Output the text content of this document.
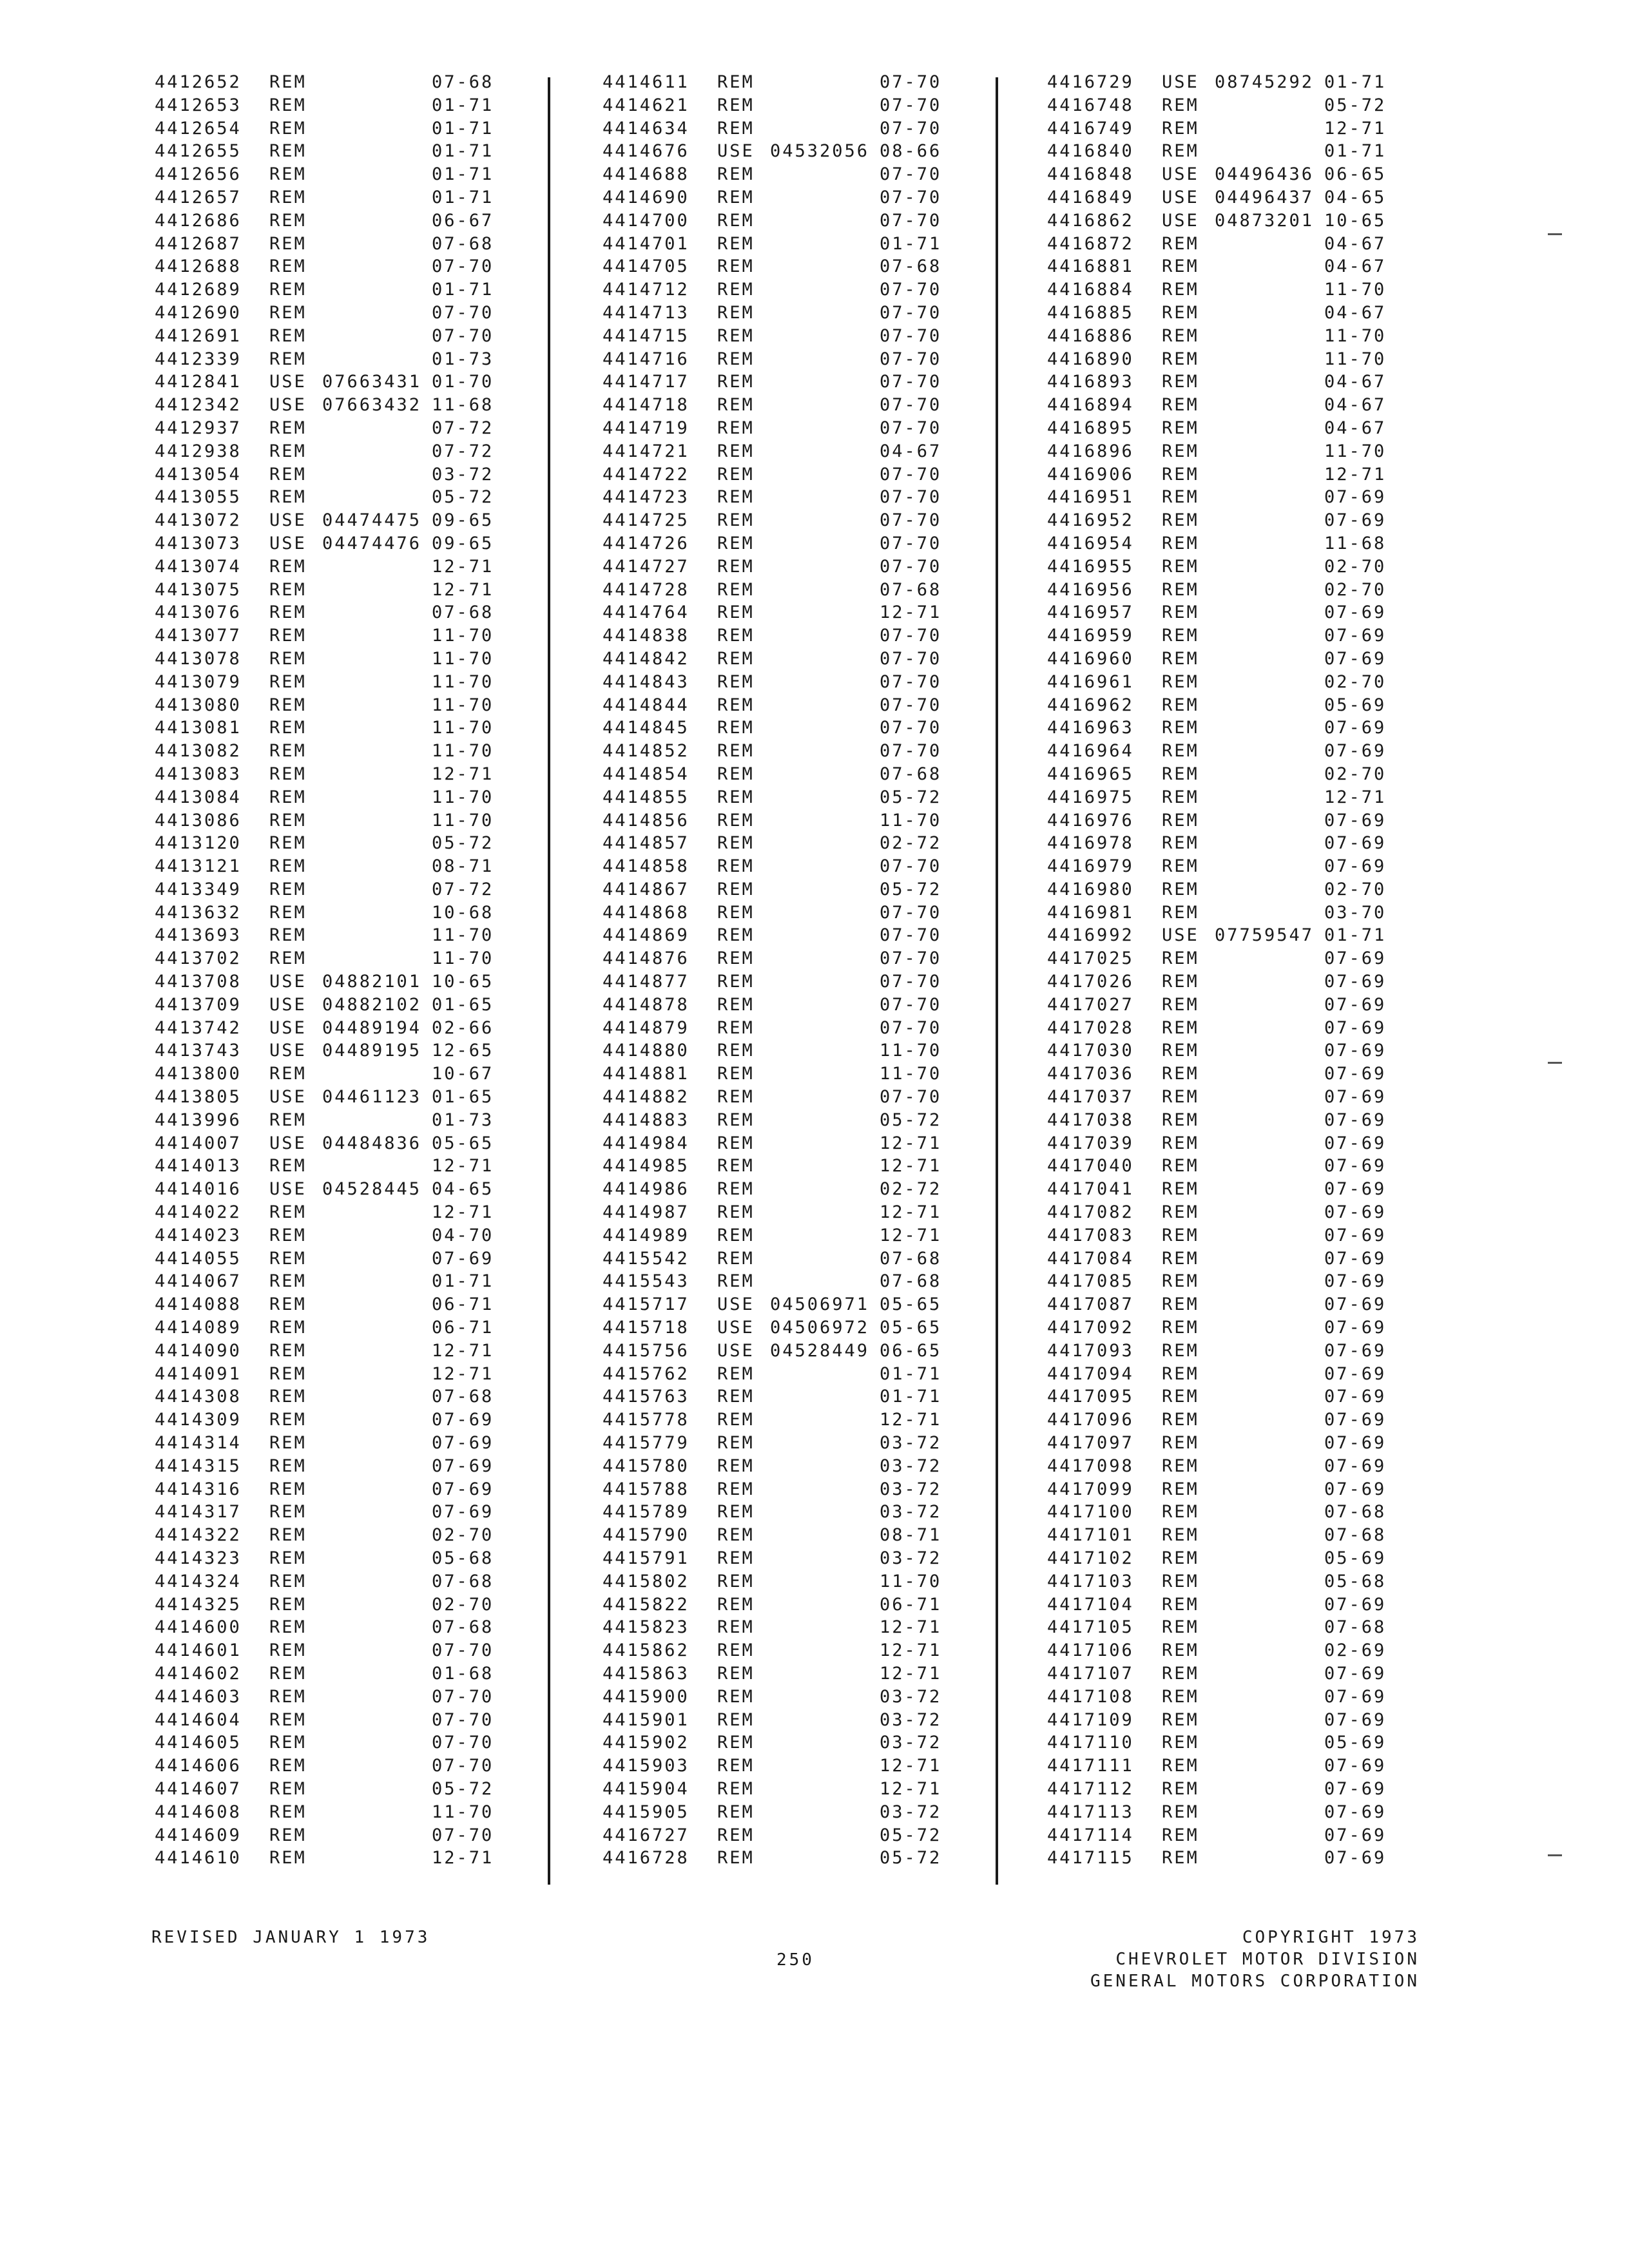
4412652	REM	07-68
4412653	REM	01-71
4412654	REM	01-71
4412655	REM	01-71
4412656	REM	01-71
4412657	REM	01-71
4412686	REM	06-67
4412687	REM	07-68
4412688	REM	07-70
4412689	REM	01-71
4412690	REM	07-70
4412691	REM	07-70
4412339	REM	01-73
4412841	USE 07663431 01-70
4412342	USE 07663432 11-68
4412937	REM	07-72
4412938	REM	07-72
4413054	REM	03-72
4413055	REM	05-72
4413072	USE 04474475 09-65
4413073	USE 04474476 09-65
4413074	REM	12-71
4413075	REM	12-71
4413076	REM	07-68
4413077	REM	11-70
4413078	REM	11-70
4413079	REM	11-70
4413080	REM	11-70
4413081	REM	11-70
4413082	REM	11-70
4413083	REM	12-71
4413084	REM	11-70
4413086	REM	11-70
4413120	REM	05-72
4413121	REM	08-71
4413349	REM	07-72
4413632	REM	10-68
4413693	REM	11-70
4413702	REM	11-70
4413708	USE 04882101 10-65
4413709	USE 04882102 01-65
4413742	USE 04489194 02-66
4413743	USE 04489195 12-65
4413800	REM	10-67
4413805	USE 04461123 01-65
4413996	REM	01-73
4414007	USE 04484836 05-65
4414013	REM	12-71
4414016	USE 04528445 04-65
4414022	REM	12-71
4414023	REM	04-70
4414055	REM	07-69
4414067	REM	01-71
4414088	REM	06-71
4414089	REM	06-71
4414090	REM	12-71
4414091	REM	12-71
4414308	REM	07-68
4414309	REM	07-69
4414314	REM	07-69
4414315	REM	07-69
4414316	REM	07-69
4414317	REM	07-69
4414322	REM	02-70
4414323	REM	05-68
4414324	REM	07-68
4414325	REM	02-70
4414600	REM	07-68
4414601	REM	07-70
4414602	REM	01-68
4414603	REM	07-70
4414604	REM	07-70
4414605	REM	07-70
4414606	REM	07-70
4414607	REM	05-72
4414608	REM	11-70
4414609	REM	07-70
4414610	REM	12-71
4414611	REM	07-70
4414621	REM	07-70
4414634	REM	07-70
4414676	USE 04532056 08-66
4414688	REM	07-70
4414690	REM	07-70
4414700	REM	07-70
4414701	REM	01-71
4414705	REM	07-68
4414712	REM	07-70
4414713	REM	07-70
4414715	REM	07-70
4414716	REM	07-70
4414717	REM	07-70
4414718	REM	07-70
4414719	REM	07-70
4414721	REM	04-67
4414722	REM	07-70
4414723	REM	07-70
4414725	REM	07-70
4414726	REM	07-70
4414727	REM	07-70
4414728	REM	07-68
4414764	REM	12-71
4414838	REM	07-70
4414842	REM	07-70
4414843	REM	07-70
4414844	REM	07-70
4414845	REM	07-70
4414852	REM	07-70
4414854	REM	07-68
4414855	REM	05-72
4414856	REM	11-70
4414857	REM	02-72
4414858	REM	07-70
4414867	REM	05-72
4414868	REM	07-70
4414869	REM	07-70
4414876	REM	07-70
4414877	REM	07-70
4414878	REM	07-70
4414879	REM	07-70
4414880	REM	11-70
4414881	REM	11-70
4414882	REM	07-70
4414883	REM	05-72
4414984	REM	12-71
4414985	REM	12-71
4414986	REM	02-72
4414987	REM	12-71
4414989	REM	12-71
4415542	REM	07-68
4415543	REM	07-68
4415717	USE 04506971 05-65
4415718	USE 04506972 05-65
4415756	USE 04528449 06-65
4415762	REM	01-71
4415763	REM	01-71
4415778	REM	12-71
4415779	REM	03-72
4415780	REM	03-72
4415788	REM	03-72
4415789	REM	03-72
4415790	REM	08-71
4415791	REM	03-72
4415802	REM	11-70
4415822	REM	06-71
4415823	REM	12-71
4415862	REM	12-71
4415863	REM	12-71
4415900	REM	03-72
4415901	REM	03-72
4415902	REM	03-72
4415903	REM	12-71
4415904	REM	12-71
4415905	REM	03-72
4416727	REM	05-72
4416728	REM	05-72
4416729	USE 08745292 01-71
4416748	REM	05-72
4416749	REM	12-71
4416840	REM	01-71
4416848	USE 04496436 06-65
4416849	USE 04496437 04-65
4416862	USE 04873201 10-65
4416872	REM	04-67
4416881	REM	04-67
4416884	REM	11-70
4416885	REM	04-67
4416886	REM	11-70
4416890	REM	11-70
4416893	REM	04-67
4416894	REM	04-67
4416895	REM	04-67
4416896	REM	11-70
4416906	REM	12-71
4416951	REM	07-69
4416952	REM	07-69
4416954	REM	11-68
4416955	REM	02-70
4416956	REM	02-70
4416957	REM	07-69
4416959	REM	07-69
4416960	REM	07-69
4416961	REM	02-70
4416962	REM	05-69
4416963	REM	07-69
4416964	REM	07-69
4416965	REM	02-70
4416975	REM	12-71
4416976	REM	07-69
4416978	REM	07-69
4416979	REM	07-69
4416980	REM	02-70
4416981	REM	03-70
4416992	USE 07759547 01-71
4417025	REM	07-69
4417026	REM	07-69
4417027	REM	07-69
4417028	REM	07-69
4417030	REM	07-69
4417036	REM	07-69
4417037	REM	07-69
4417038	REM	07-69
4417039	REM	07-69
4417040	REM	07-69
4417041	REM	07-69
4417082	REM	07-69
4417083	REM	07-69
4417084	REM	07-69
4417085	REM	07-69
4417087	REM	07-69
4417092	REM	07-69
4417093	REM	07-69
4417094	REM	07-69
4417095	REM	07-69
4417096	REM	07-69
4417097	REM	07-69
4417098	REM	07-69
4417099	REM	07-69
4417100	REM	07-68
4417101	REM	07-68
4417102	REM	05-69
4417103	REM	05-68
4417104	REM	07-69
4417105	REM	07-68
4417106	REM	02-69
4417107	REM	07-69
4417108	REM	07-69
4417109	REM	07-69
4417110	REM	05-69
4417111	REM	07-69
4417112	REM	07-69
4417113	REM	07-69
4417114	REM	07-69
4417115	REM	07-69
REVISED JANUARY 1 1973
250
COPYRIGHT 1973
CHEVROLET MOTOR DIVISION
GENERAL MOTORS CORPORATION
